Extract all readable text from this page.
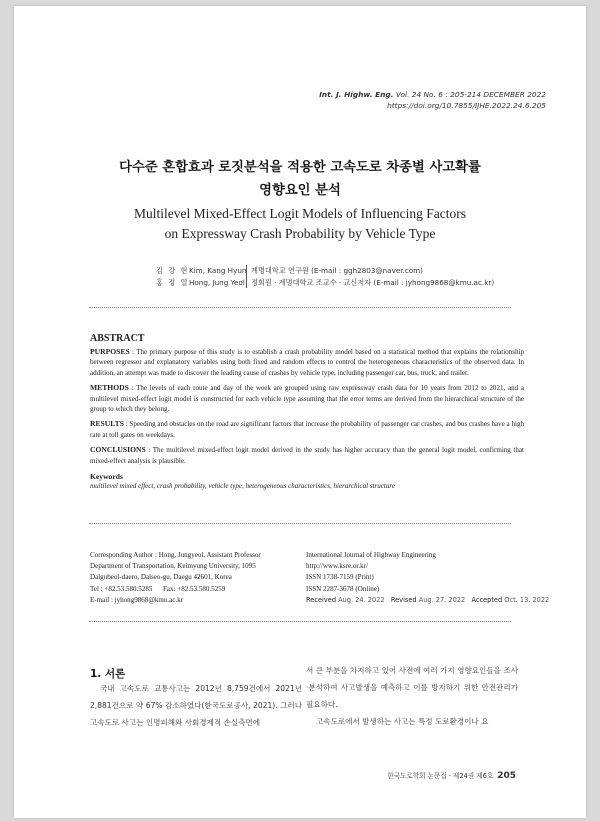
Int. J. Highw. Eng. Vol. 24 No. 6 : 205-214 DECEMBER 2022
https://doi.org/10.7855/IJHE.2022.24.6.205
다수준 혼합효과 로짓분석을 적용한 고속도로 차종별 사고확률
영향요인 분석
Multilevel Mixed-Effect Logit Models of Influencing Factors
on Expressway Crash Probability by Vehicle Type
김 강 현 Kim, Kang Hyun 계명대학교 연구원 (E-mail : ggh2803@naver.com)
홍 정 열 Hong, Jung Yeol 정회원 · 계명대학교 조교수 · 교신저자 (E-mail : jyhong9868@kmu.ac.kr)
ABSTRACT

PURPOSES : The primary purpose of this study is to establish a crash probability model based on a statistical method that explains the relationship between regressor and explanatory variables using both fixed and random effects to control the heterogeneous characteristics of the observed data. In addition, an attempt was made to discover the leading cause of crashes by vehicle type, including passenger car, bus, truck, and trailer.

METHODS : The levels of each route and day of the week are grouped using raw expressway crash data for 10 years from 2012 to 2021, and a multilevel mixed-effect logit model is constructed for each vehicle type assuming that the error terms are derived from the hierarchical structure of the group to which they belong.

RESULTS : Speeding and obstacles on the road are significant factors that increase the probability of passenger car crashes, and bus crashes have a high rate at toll gates on weekdays.

CONCLUSIONS : The multilevel mixed-effect logit model derived in the study has higher accuracy than the general logit model, confirming that mixed-effect analysis is plausible.

Keywords
multilevel mixed effect, crash probability, vehicle type, heterogeneous characteristics, hierarchical structure
Corresponding Author : Hong, Jungyeol, Assistant Professor
Department of Transportation, Keimyung University, 1095
Dalgubeol-daero, Dalseo-gu, Daegu 42601, Korea
Tel : +82.53.580.5285      Fax: +82.53.580.5259
E-mail : jyhong9868@kmu.ac.kr
International Journal of Highway Engineering
http://www.ksre.or.kr/
ISSN 1738-7159 (Print)
ISSN 2287-3678 (Online)
Received Aug. 24. 2022 Revised Aug. 27. 2022 Accepted Oct. 13. 2022
1. 서론

국내 고속도로 교통사고는 2012년 8,759건에서 2021년 2,881건으로 약 67% 감소하였다(한국도로공사, 2021). 그러나 고속도로 사고는 인명피해와 사회경제적 손실측면에

서 큰 부분을 차지하고 있어 사전에 여러 가지 영향요인들을 조사·분석하여 사고발생을 예측하고 이를 방지하기 위한 안전관리가 필요하다.

고속도로에서 발생하는 사고는 특정 도로환경이나 요

한국도로학회 논문집 · 제24권 제6호 205
